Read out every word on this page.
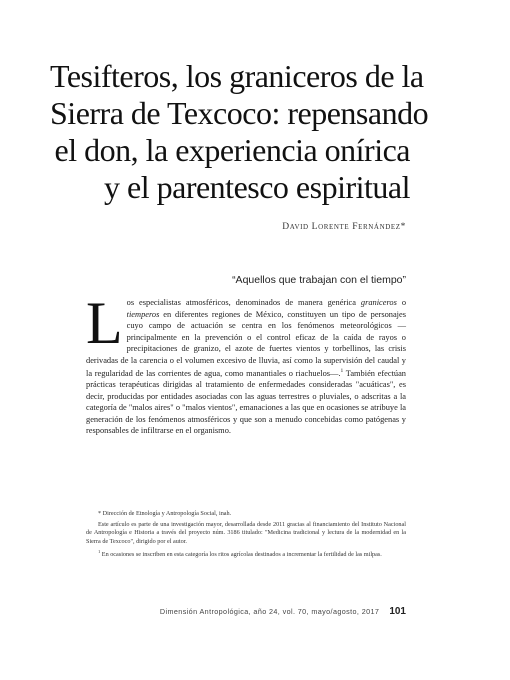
Tesifteros, los graniceros de la
Sierra de Texcoco: repensando
el don, la experiencia onírica
y el parentesco espiritual
David Lorente Fernández*
“Aquellos que trabajan con el tiempo”

Los especialistas atmosféricos, denominados de manera genérica graniceros o tiemperos en diferentes regiones de México, constituyen un tipo de personajes cuyo campo de actuación se centra en los fenómenos meteorológicos —principalmente en la prevención o el control eficaz de la caída de rayos o precipitaciones de granizo, el azote de fuertes vientos y torbellinos, las crisis derivadas de la carencia o el volumen excesivo de lluvia, así como la supervisión del caudal y la regularidad de las corrientes de agua, como manantiales o riachuelos—.$^1$ También efectúan prácticas terapéuticas dirigidas al tratamiento de enfermedades consideradas "acuáticas", es decir, producidas por entidades asociadas con las aguas terrestres o pluviales, o adscritas a la categoría de "malos aires" o "malos vientos", emanaciones a las que en ocasiones se atribuye la generación de los fenómenos atmosféricos y que son a menudo concebidas como patógenas y responsables de infiltrarse en el organismo.

* Dirección de Etnología y Antropología Social, inah.

Este artículo es parte de una investigación mayor, desarrollada desde 2011 gracias al financiamiento del Instituto Nacional de Antropología e Historia a través del proyecto núm. 3186 titulado: "Medicina tradicional y lectura de la modernidad en la Sierra de Texcoco", dirigido por el autor.

$^1$ En ocasiones se inscriben en esta categoría los ritos agrícolas destinados a incrementar la fertilidad de las milpas.

Dimensión Antropológica, año 24, vol. 70, mayo/agosto, 2017 101
